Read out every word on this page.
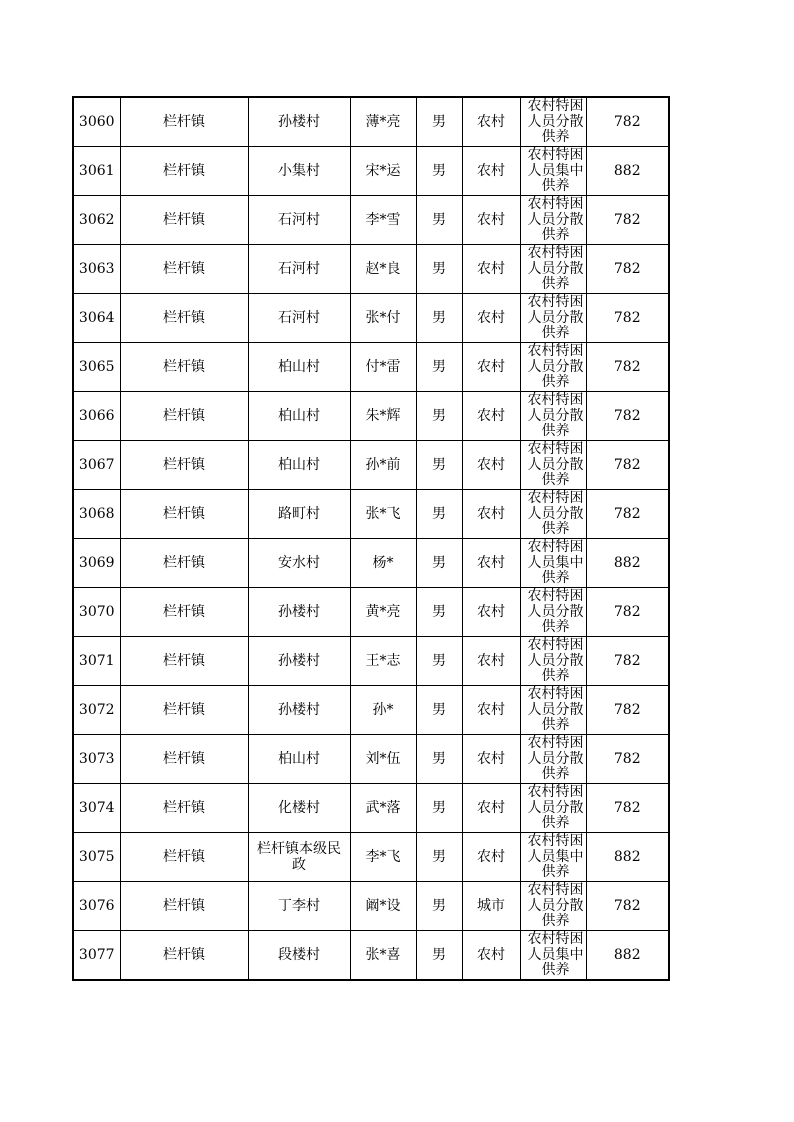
3060	栏杆镇	孙楼村	薄*亮	男	农村	农村特困人员分散供养	782
3061	栏杆镇	小集村	宋*运	男	农村	农村特困人员集中供养	882
3062	栏杆镇	石河村	李*雪	男	农村	农村特困人员分散供养	782
3063	栏杆镇	石河村	赵*良	男	农村	农村特困人员分散供养	782
3064	栏杆镇	石河村	张*付	男	农村	农村特困人员分散供养	782
3065	栏杆镇	柏山村	付*雷	男	农村	农村特困人员分散供养	782
3066	栏杆镇	柏山村	朱*辉	男	农村	农村特困人员分散供养	782
3067	栏杆镇	柏山村	孙*前	男	农村	农村特困人员分散供养	782
3068	栏杆镇	路町村	张*飞	男	农村	农村特困人员分散供养	782
3069	栏杆镇	安水村	杨*	男	农村	农村特困人员集中供养	882
3070	栏杆镇	孙楼村	黄*亮	男	农村	农村特困人员分散供养	782
3071	栏杆镇	孙楼村	王*志	男	农村	农村特困人员分散供养	782
3072	栏杆镇	孙楼村	孙*	男	农村	农村特困人员分散供养	782
3073	栏杆镇	柏山村	刘*伍	男	农村	农村特困人员分散供养	782
3074	栏杆镇	化楼村	武*落	男	农村	农村特困人员分散供养	782
3075	栏杆镇	栏杆镇本级民政	李*飞	男	农村	农村特困人员集中供养	882
3076	栏杆镇	丁李村	阚*设	男	城市	农村特困人员分散供养	782
3077	栏杆镇	段楼村	张*喜	男	农村	农村特困人员集中供养	882
